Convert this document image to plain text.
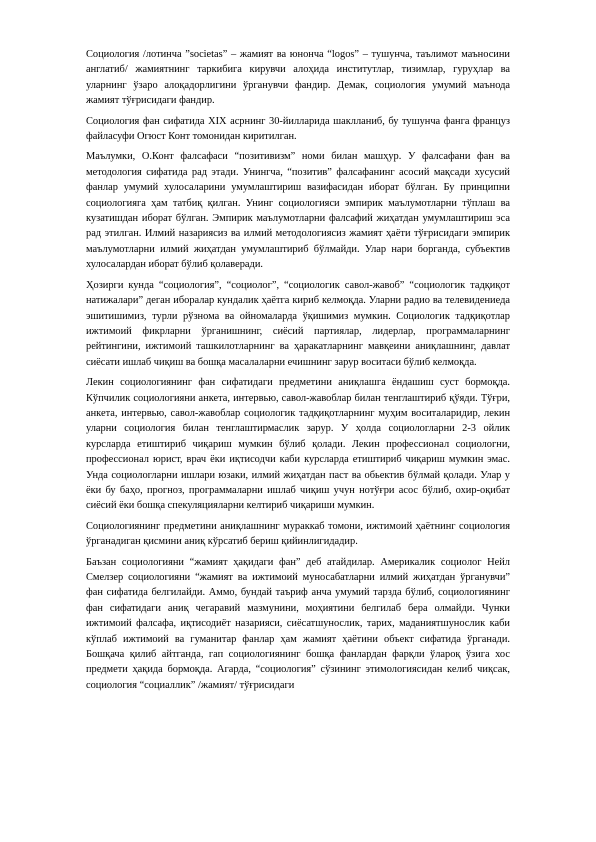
Социология /лотинча ”societas” – жамият ва юнонча “logos” – тушунча, таълимот маъносини англатиб/ жамиятнинг таркибига кирувчи алоҳида институтлар, тизимлар, гуруҳлар ва уларнинг ўзаро алоқадорлигини ўрганувчи фандир. Демак, социология умумий маънода жамият тўғрисидаги фандир.

Социология фан сифатида XIX асрнинг 30-йилларида шаклланиб, бу тушунча фанга француз файласуфи Огюст Конт томонидан киритилган.

Маълумки, О.Конт фалсафаси “позитивизм” номи билан машҳур. У фалсафани фан ва методология сифатида рад этади. Унингча, “позитив” фалсафанинг асосий мақсади хусусий фанлар умумий хулосаларини умумлаштириш вазифасидан иборат бўлган. Бу принципни социологияга ҳам татбиқ қилган. Унинг социологияси эмпирик маълумотларни тўплаш ва кузатишдан иборат бўлган. Эмпирик маълумотларни фалсафий жиҳатдан умумлаштириш эса рад этилган. Илмий назариясиз ва илмий методологиясиз жамият ҳаёти тўғрисидаги эмпирик маълумотларни илмий жиҳатдан умумлаштириб бўлмайди. Улар нари борганда, субъектив хулосалардан иборат бўлиб қолаверади.

Ҳозирги кунда “социология”, “социолог”, “социологик савол-жавоб” “социологик тадқиқот натижалари” деган иборалар кундалик ҳаётга кириб келмоқда. Уларни радио ва телевидениеда эшитишимиз, турли рўзнома ва ойномаларда ўқишимиз мумкин. Социологик тадқиқотлар ижтимоий фикрларни ўрганишнинг, сиёсий партиялар, лидерлар, программаларнинг рейтингини, ижтимоий ташкилотларнинг ва ҳаракатларнинг мавқеини аниқлашнинг, давлат сиёсати ишлаб чиқиш ва бошқа масалаларни ечишнинг зарур воситаси бўлиб келмоқда.

Лекин социологиянинг фан сифатидаги предметини аниқлашга ёндашиш суст бормоқда. Кўпчилик социологияни анкета, интервью, савол-жавоблар билан тенглаштириб қўяди. Тўғри, анкета, интервью, савол-жавоблар социологик тадқиқотларнинг муҳим воситаларидир, лекин уларни социология билан тенглаштирмаслик зарур. У ҳолда социологларни 2-3 ойлик курсларда етиштириб чиқариш мумкин бўлиб қолади. Лекин профессионал социологни, профессионал юрист, врач ёки иқтисодчи каби курсларда етиштириб чиқариш мумкин эмас. Унда социологларни ишлари юзаки, илмий жиҳатдан паст ва обьектив бўлмай қолади. Улар у ёки бу баҳо, прогноз, программаларни ишлаб чиқиш учун нотўғри асос бўлиб, охир-оқибат сиёсий ёки бошқа спекуляцияларни келтириб чиқариши мумкин.

Социологиянинг предметини аниқлашнинг мураккаб томони, ижтимоий ҳаётнинг социология ўрганадиган қисмини аниқ кўрсатиб бериш қийинлигидадир.

Баъзан социологияни “жамият ҳақидаги фан” деб атайдилар. Америкалик социолог Нейл Смелзер социологияни “жамият ва ижтимоий муносабатларни илмий жиҳатдан ўрганувчи” фан сифатида белгилайди. Аммо, бундай таъриф анча умумий тарзда бўлиб, социологиянинг фан сифатидаги аниқ чегаравий мазмунини, моҳиятини белгилаб бера олмайди. Чунки ижтимоий фалсафа, иқтисодиёт назарияси, сиёсатшунослик, тарих, маданиятшунослик каби кўплаб ижтимоий ва гуманитар фанлар ҳам жамият ҳаётини объект сифатида ўрганади. Бошқача қилиб айтганда, гап социологиянинг бошқа фанлардан фарқли ўлароқ ўзига хос предмети ҳақида бормоқда. Агарда, “социология” сўзининг этимологиясидан келиб чиқсак, социология “социаллик” /жамият/ тўғрисидаги
